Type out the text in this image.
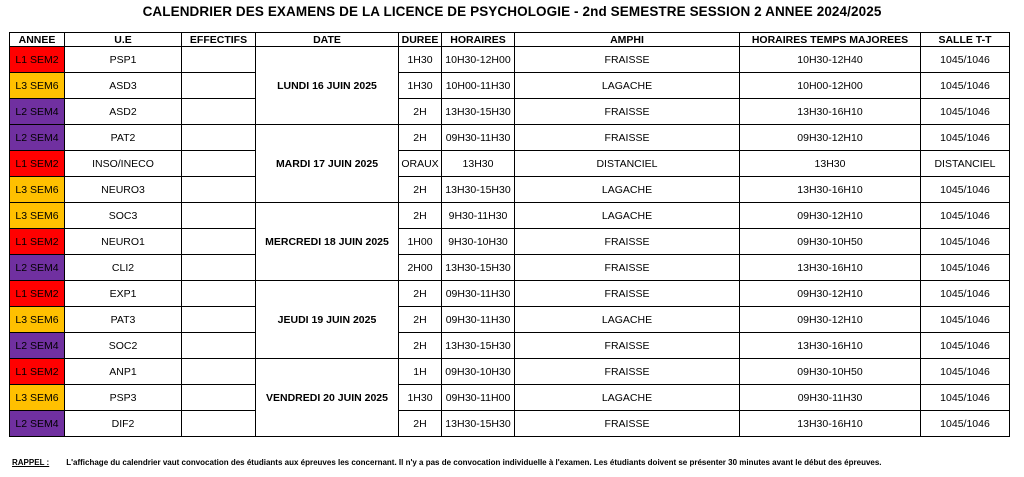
CALENDRIER DES EXAMENS DE LA LICENCE DE PSYCHOLOGIE - 2nd SEMESTRE SESSION 2 ANNEE 2024/2025
ANNEE	U.E	EFFECTIFS	DATE	DUREE	HORAIRES	AMPHI	HORAIRES TEMPS MAJOREES	SALLE T-T
L1 SEM2	PSP1		LUNDI 16 JUIN 2025	1H30	10H30-12H00	FRAISSE	10H30-12H40	1045/1046
L3 SEM6	ASD3			1H30	10H00-11H30	LAGACHE	10H00-12H00	1045/1046
L2 SEM4	ASD2			2H	13H30-15H30	FRAISSE	13H30-16H10	1045/1046
L2 SEM4	PAT2		MARDI 17 JUIN 2025	2H	09H30-11H30	FRAISSE	09H30-12H10	1045/1046
L1 SEM2	INSO/INECO			ORAUX	13H30	DISTANCIEL	13H30	DISTANCIEL
L3 SEM6	NEURO3			2H	13H30-15H30	LAGACHE	13H30-16H10	1045/1046
L3 SEM6	SOC3		MERCREDI 18 JUIN 2025	2H	9H30-11H30	LAGACHE	09H30-12H10	1045/1046
L1 SEM2	NEURO1			1H00	9H30-10H30	FRAISSE	09H30-10H50	1045/1046
L2 SEM4	CLI2			2H00	13H30-15H30	FRAISSE	13H30-16H10	1045/1046
L1 SEM2	EXP1		JEUDI 19 JUIN 2025	2H	09H30-11H30	FRAISSE	09H30-12H10	1045/1046
L3 SEM6	PAT3			2H	09H30-11H30	LAGACHE	09H30-12H10	1045/1046
L2 SEM4	SOC2			2H	13H30-15H30	FRAISSE	13H30-16H10	1045/1046
L1 SEM2	ANP1		VENDREDI 20 JUIN 2025	1H	09H30-10H30	FRAISSE	09H30-10H50	1045/1046
L3 SEM6	PSP3			1H30	09H30-11H00	LAGACHE	09H30-11H30	1045/1046
L2 SEM4	DIF2			2H	13H30-15H30	FRAISSE	13H30-16H10	1045/1046
RAPPEL : L'affichage du calendrier vaut convocation des étudiants aux épreuves les concernant. Il n'y a pas de convocation individuelle à l'examen. Les étudiants doivent se présenter 30 minutes avant le début des épreuves.
